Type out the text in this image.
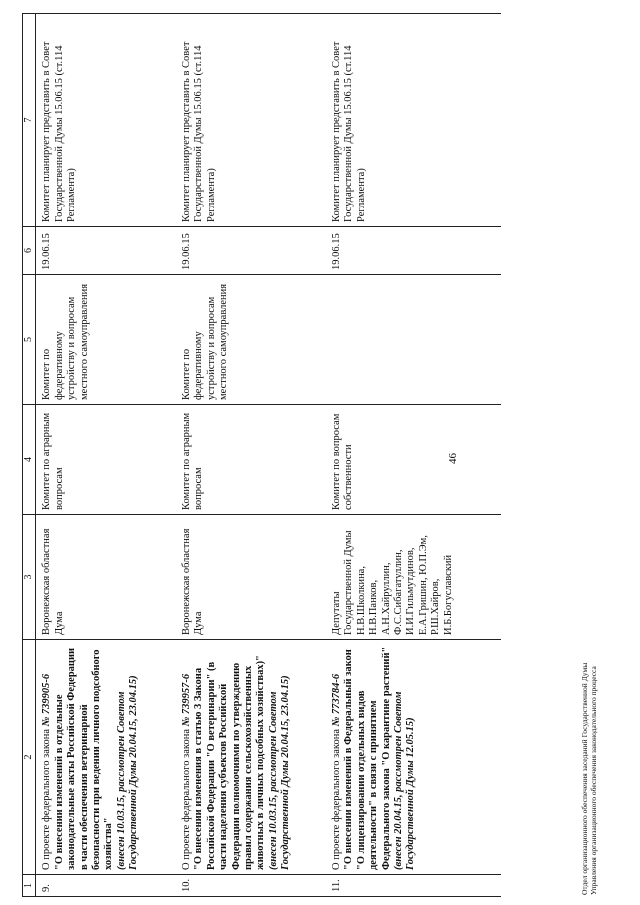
46
1	2	3	4	5	6	7
9.	О проекте федерального закона № 739905-6
"О внесении изменений в отдельные законодательные акты Российской Федерации в части обеспечения ветеринарной безопасности при ведении личного подсобного хозяйства"
(внесен 10.03.15, рассмотрен Советом Государственной Думы 20.04.15, 23.04.15)	Воронежская областная Дума	Комитет по аграрным вопросам	Комитет по федеративному устройству и вопросам местного самоуправления	19.06.15	Комитет планирует представить в Совет Государственной Думы 15.06.15 (ст.114 Регламента)
10.	О проекте федерального закона № 739957-6
"О внесении изменения в статью 3 Закона Российской Федерации "О ветеринарии" (в части наделения субъектов Российской Федерации полномочиями по утверждению правил содержания сельскохозяйственных животных в личных подсобных хозяйствах)"
(внесен 10.03.15, рассмотрен Советом Государственной Думы 20.04.15, 23.04.15)	Воронежская областная Дума	Комитет по аграрным вопросам	Комитет по федеративному устройству и вопросам местного самоуправления	19.06.15	Комитет планирует представить в Совет Государственной Думы 15.06.15 (ст.114 Регламента)
11.	О проекте федерального закона № 773784-6
"О внесении изменений в Федеральный закон "О лицензировании отдельных видов деятельности" в связи с принятием Федерального закона "О карантине растений"
(внесен 20.04.15, рассмотрен Советом Государственной Думы 12.05.15)	Депутаты Государственной Думы Н.В.Школкина, Н.В.Панков, А.Н.Хайруллин, Ф.С.Сибагатуллин, И.И.Гильмутдинов, Е.А.Гришин, Ю.П.Эм, Р.Ш.Хайров, И.Б.Богуславский	Комитет по вопросам собственности		19.06.15	Комитет планирует представить в Совет Государственной Думы 15.06.15 (ст.114 Регламента)
Отдел организационного обеспечения заседаний Государственной Думы Управления организационного обеспечения законодательного процесса
